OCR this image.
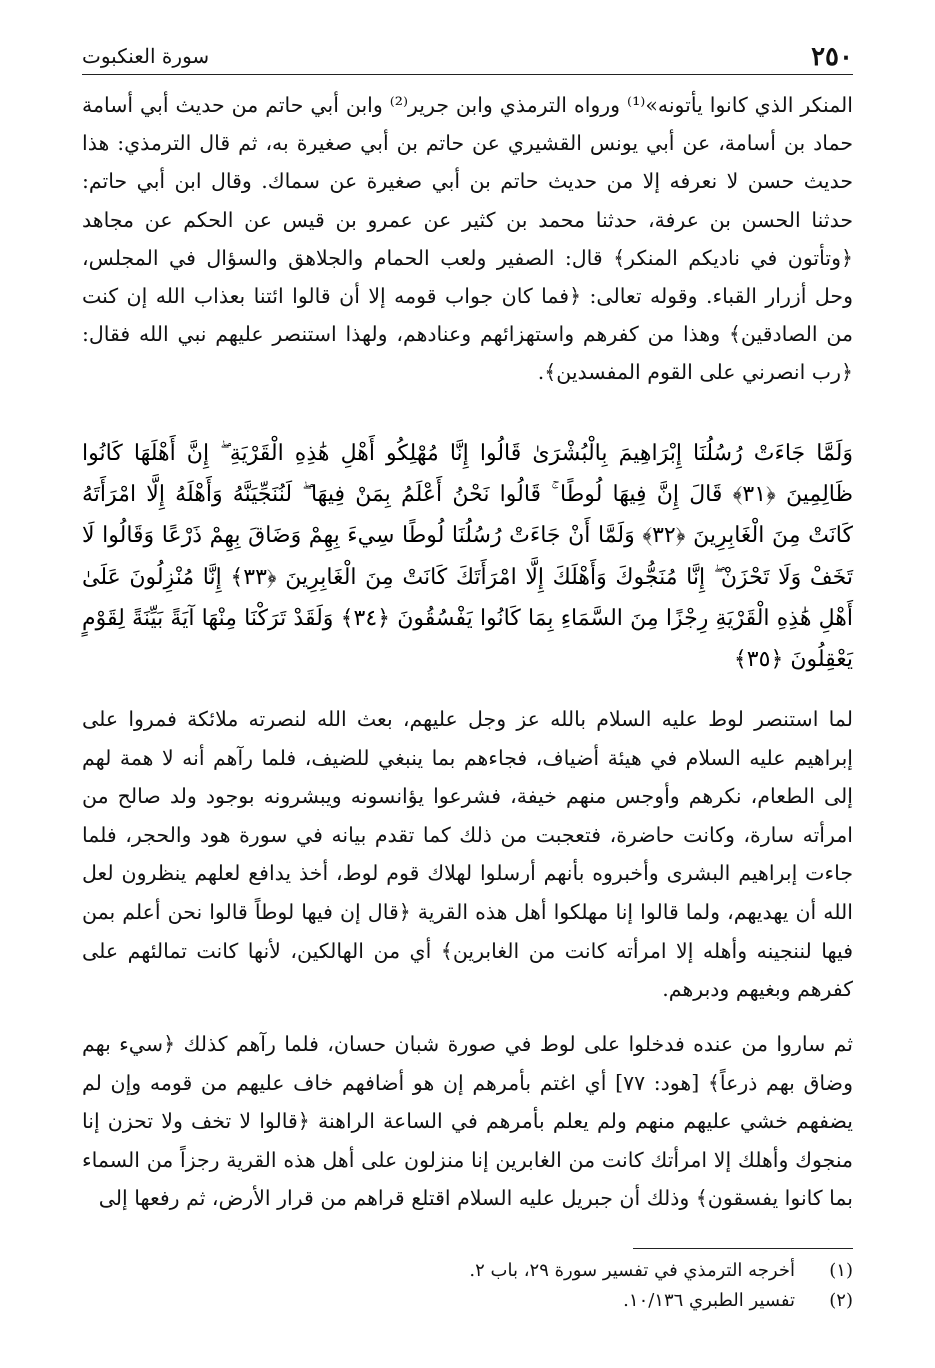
٢٥٠
سورة العنكبوت
المنكر الذي كانوا يأتونه»⁽¹⁾ ورواه الترمذي وابن جرير⁽²⁾ وابن أبي حاتم من حديث أبي أسامة حماد بن أسامة، عن أبي يونس القشيري عن حاتم بن أبي صغيرة به، ثم قال الترمذي: هذا حديث حسن لا نعرفه إلا من حديث حاتم بن أبي صغيرة عن سماك. وقال ابن أبي حاتم: حدثنا الحسن بن عرفة، حدثنا محمد بن كثير عن عمرو بن قيس عن الحكم عن مجاهد ﴿وتأتون في ناديكم المنكر﴾ قال: الصفير ولعب الحمام والجلاهق والسؤال في المجلس، وحل أزرار القباء. وقوله تعالى: ﴿فما كان جواب قومه إلا أن قالوا ائتنا بعذاب الله إن كنت من الصادقين﴾ وهذا من كفرهم واستهزائهم وعنادهم، ولهذا استنصر عليهم نبي الله فقال: ﴿رب انصرني على القوم المفسدين﴾.
وَلَمَّا جَاءَتْ رُسُلُنَا إِبْرَاهِيمَ بِالْبُشْرَىٰ قَالُوا إِنَّا مُهْلِكُو أَهْلِ هَٰذِهِ الْقَرْيَةِ ۖ إِنَّ أَهْلَهَا كَانُوا ظَالِمِينَ ﴿٣١﴾ قَالَ إِنَّ فِيهَا لُوطًا ۚ قَالُوا نَحْنُ أَعْلَمُ بِمَنْ فِيهَا ۖ لَنُنَجِّيَنَّهُ وَأَهْلَهُ إِلَّا امْرَأَتَهُ كَانَتْ مِنَ الْغَابِرِينَ ﴿٣٢﴾ وَلَمَّا أَنْ جَاءَتْ رُسُلُنَا لُوطًا سِيءَ بِهِمْ وَضَاقَ بِهِمْ ذَرْعًا وَقَالُوا لَا تَخَفْ وَلَا تَحْزَنْ ۖ إِنَّا مُنَجُّوكَ وَأَهْلَكَ إِلَّا امْرَأَتَكَ كَانَتْ مِنَ الْغَابِرِينَ ﴿٣٣﴾ إِنَّا مُنْزِلُونَ عَلَىٰ أَهْلِ هَٰذِهِ الْقَرْيَةِ رِجْزًا مِنَ السَّمَاءِ بِمَا كَانُوا يَفْسُقُونَ ﴿٣٤﴾ وَلَقَدْ تَرَكْنَا مِنْهَا آيَةً بَيِّنَةً لِقَوْمٍ يَعْقِلُونَ ﴿٣٥﴾
لما استنصر لوط عليه السلام بالله عز وجل عليهم، بعث الله لنصرته ملائكة فمروا على إبراهيم عليه السلام في هيئة أضياف، فجاءهم بما ينبغي للضيف، فلما رآهم أنه لا همة لهم إلى الطعام، نكرهم وأوجس منهم خيفة، فشرعوا يؤانسونه ويبشرونه بوجود ولد صالح من امرأته سارة، وكانت حاضرة، فتعجبت من ذلك كما تقدم بيانه في سورة هود والحجر، فلما جاءت إبراهيم البشرى وأخبروه بأنهم أرسلوا لهلاك قوم لوط، أخذ يدافع لعلهم ينظرون لعل الله أن يهديهم، ولما قالوا إنا مهلكوا أهل هذه القرية ﴿قال إن فيها لوطاً قالوا نحن أعلم بمن فيها لننجينه وأهله إلا امرأته كانت من الغابرين﴾ أي من الهالكين، لأنها كانت تمالئهم على كفرهم وبغيهم ودبرهم.
ثم ساروا من عنده فدخلوا على لوط في صورة شبان حسان، فلما رآهم كذلك ﴿سيء بهم وضاق بهم ذرعاً﴾ [هود: ٧٧] أي اغتم بأمرهم إن هو أضافهم خاف عليهم من قومه وإن لم يضفهم خشي عليهم منهم ولم يعلم بأمرهم في الساعة الراهنة ﴿قالوا لا تخف ولا تحزن إنا منجوك وأهلك إلا امرأتك كانت من الغابرين إنا منزلون على أهل هذه القرية رجزاً من السماء بما كانوا يفسقون﴾ وذلك أن جبريل عليه السلام اقتلع قراهم من قرار الأرض، ثم رفعها إلى
(١)
أخرجه الترمذي في تفسير سورة ٢٩، باب ٢.
(٢)
تفسير الطبري ١٠/١٣٦.
